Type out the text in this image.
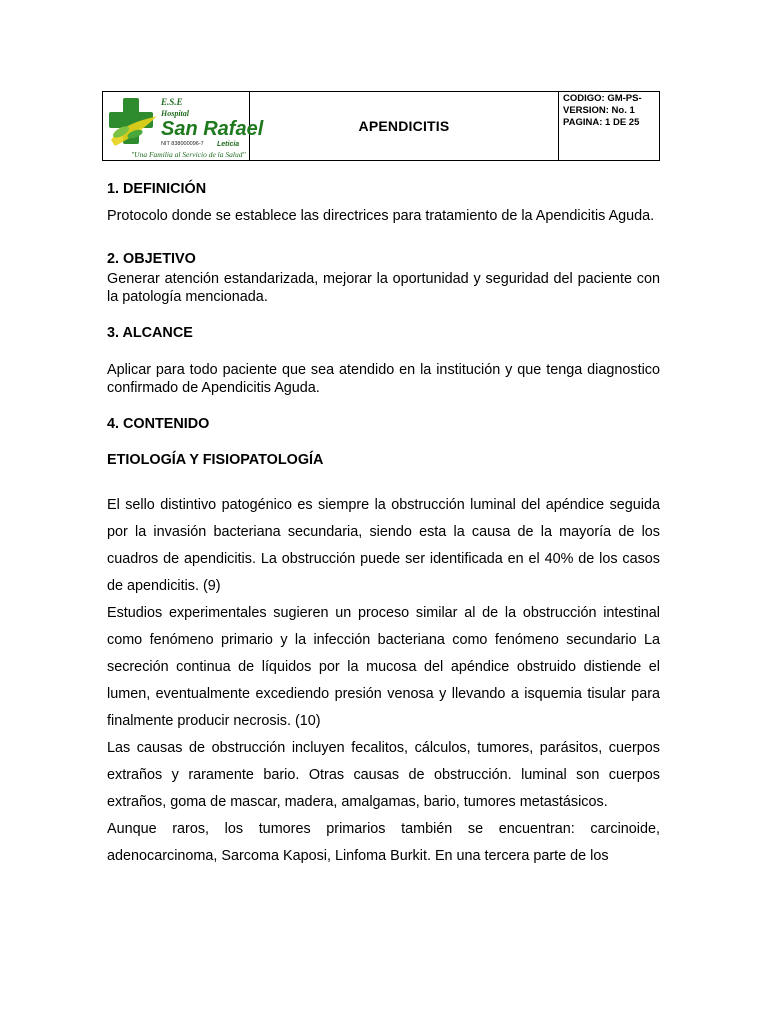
E.S.E
Hospital
San Rafael
NIT 838000096-7 Leticia
"Una Familia al Servicio de la Salud"
APENDICITIS
CODIGO: GM-PS-
VERSION: No. 1
PAGINA: 1 DE 25

1. DEFINICIÓN

Protocolo donde se establece las directrices para tratamiento de la Apendicitis Aguda.

2. OBJETIVO

Generar atención estandarizada, mejorar la oportunidad y seguridad del paciente con la patología mencionada.

3. ALCANCE

Aplicar para todo paciente que sea atendido en la institución y que tenga diagnostico confirmado de Apendicitis Aguda.

4. CONTENIDO

ETIOLOGÍA Y FISIOPATOLOGÍA

El sello distintivo patogénico es siempre la obstrucción luminal del apéndice seguida por la invasión bacteriana secundaria, siendo esta la causa de la mayoría de los cuadros de apendicitis. La obstrucción puede ser identificada en el 40% de los casos de apendicitis. (9)

Estudios experimentales sugieren un proceso similar al de la obstrucción intestinal como fenómeno primario y la infección bacteriana como fenómeno secundario La secreción continua de líquidos por la mucosa del apéndice obstruido distiende el lumen, eventualmente excediendo presión venosa y llevando a isquemia tisular para finalmente producir necrosis. (10)

Las causas de obstrucción incluyen fecalitos, cálculos, tumores, parásitos, cuerpos extraños y raramente bario. Otras causas de obstrucción. luminal son cuerpos extraños, goma de mascar, madera, amalgamas, bario, tumores metastásicos.

Aunque raros, los tumores primarios también se encuentran: carcinoide, adenocarcinoma, Sarcoma Kaposi, Linfoma Burkit. En una tercera parte de los
